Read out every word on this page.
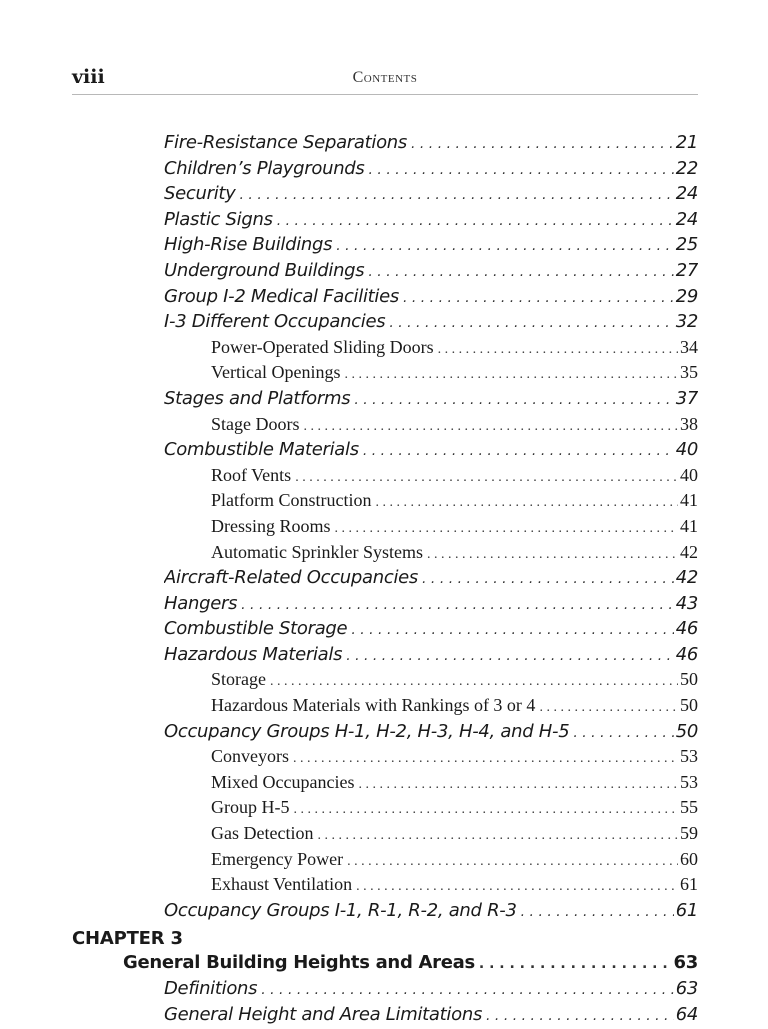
viii	Contents
Fire-Resistance Separations . . .	21
Children’s Playgrounds . . .	22
Security . . .	24
Plastic Signs . . .	24
High-Rise Buildings . . .	25
Underground Buildings . . .	27
Group I-2 Medical Facilities . . .	29
I-3 Different Occupancies . . .	32
Power-Operated Sliding Doors . . .	34
Vertical Openings . . .	35
Stages and Platforms . . .	37
Stage Doors . . .	38
Combustible Materials . . .	40
Roof Vents . . .	40
Platform Construction . . .	41
Dressing Rooms . . .	41
Automatic Sprinkler Systems . . .	42
Aircraft-Related Occupancies . . .	42
Hangers . . .	43
Combustible Storage . . .	46
Hazardous Materials . . .	46
Storage . . .	50
Hazardous Materials with Rankings of 3 or 4 . . .	50
Occupancy Groups H-1, H-2, H-3, H-4, and H-5 . . .	50
Conveyors . . .	53
Mixed Occupancies . . .	53
Group H-5 . . .	55
Gas Detection . . .	59
Emergency Power . . .	60
Exhaust Ventilation . . .	61
Occupancy Groups I-1, R-1, R-2, and R-3 . . .	61
CHAPTER 3
General Building Heights and Areas . . .	63
Definitions . . .	63
General Height and Area Limitations . . .	64
